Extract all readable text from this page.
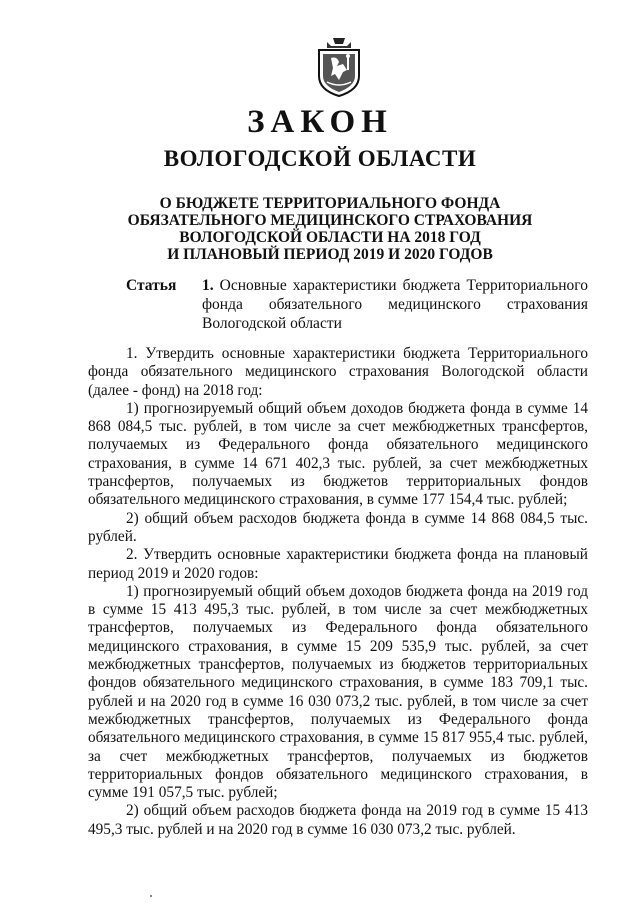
ЗАКОН
ВОЛОГОДСКОЙ ОБЛАСТИ
О БЮДЖЕТЕ ТЕРРИТОРИАЛЬНОГО ФОНДА
ОБЯЗАТЕЛЬНОГО МЕДИЦИНСКОГО СТРАХОВАНИЯ
ВОЛОГОДСКОЙ ОБЛАСТИ НА 2018 ГОД
И ПЛАНОВЫЙ ПЕРИОД 2019 И 2020 ГОДОВ
Статья 1. Основные характеристики бюджета Территориального фонда обязательного медицинского страхования Вологодской области

1. Утвердить основные характеристики бюджета Территориального фонда обязательного медицинского страхования Вологодской области (далее - фонд) на 2018 год:

1) прогнозируемый общий объем доходов бюджета фонда в сумме 14 868 084,5 тыс. рублей, в том числе за счет межбюджетных трансфертов, получаемых из Федерального фонда обязательного медицинского страхования, в сумме 14 671 402,3 тыс. рублей, за счет межбюджетных трансфертов, получаемых из бюджетов территориальных фондов обязательного медицинского страхования, в сумме 177 154,4 тыс. рублей;

2) общий объем расходов бюджета фонда в сумме 14 868 084,5 тыс. рублей.

2. Утвердить основные характеристики бюджета фонда на плановый период 2019 и 2020 годов:

1) прогнозируемый общий объем доходов бюджета фонда на 2019 год в сумме 15 413 495,3 тыс. рублей, в том числе за счет межбюджетных трансфертов, получаемых из Федерального фонда обязательного медицинского страхования, в сумме 15 209 535,9 тыс. рублей, за счет межбюджетных трансфертов, получаемых из бюджетов территориальных фондов обязательного медицинского страхования, в сумме 183 709,1 тыс. рублей и на 2020 год в сумме 16 030 073,2 тыс. рублей, в том числе за счет межбюджетных трансфертов, получаемых из Федерального фонда обязательного медицинского страхования, в сумме 15 817 955,4 тыс. рублей, за счет межбюджетных трансфертов, получаемых из бюджетов территориальных фондов обязательного медицинского страхования, в сумме 191 057,5 тыс. рублей;

2) общий объем расходов бюджета фонда на 2019 год в сумме 15 413 495,3 тыс. рублей и на 2020 год в сумме 16 030 073,2 тыс. рублей.
